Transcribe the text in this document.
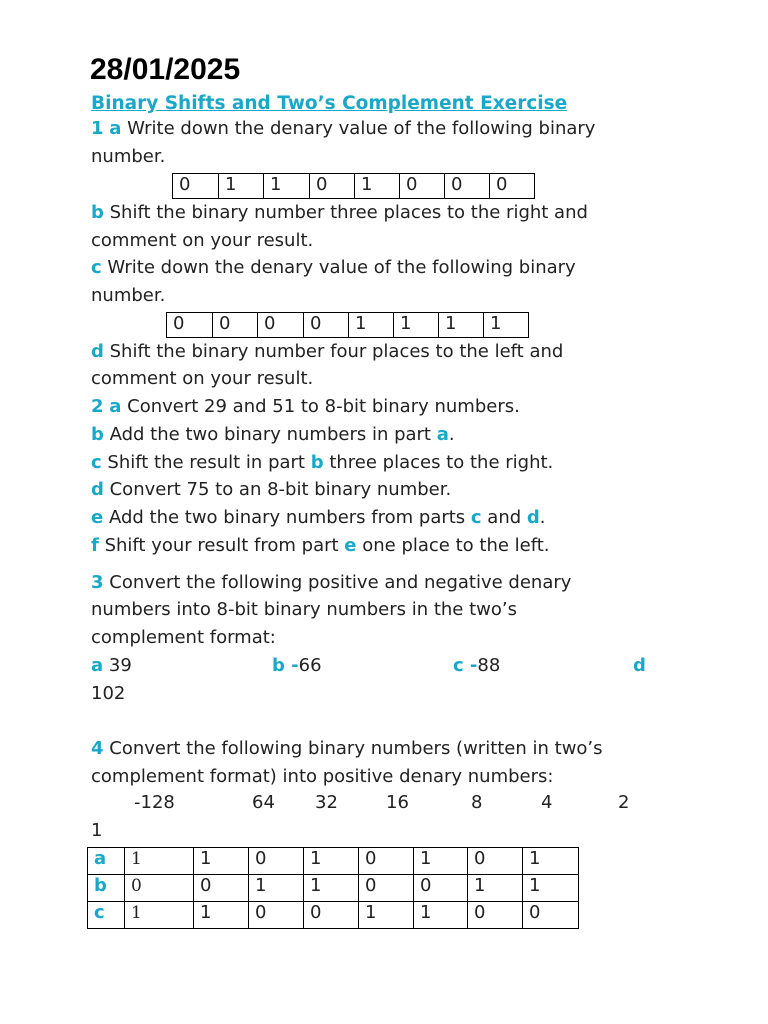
28/01/2025
Binary Shifts and Two’s Complement Exercise
1 a Write down the denary value of the following binary
number.
0	1	1	0	1	0	0	0
b Shift the binary number three places to the right and
comment on your result.
c Write down the denary value of the following binary
number.
0	0	0	0	1	1	1	1
d Shift the binary number four places to the left and
comment on your result.
2 a Convert 29 and 51 to 8-bit binary numbers.
b Add the two binary numbers in part a.
c Shift the result in part b three places to the right.
d Convert 75 to an 8-bit binary number.
e Add the two binary numbers from parts c and d.
f Shift your result from part e one place to the left.
3 Convert the following positive and negative denary
numbers into 8-bit binary numbers in the two’s
complement format:
a 39	b -66	c -88	d
102
4 Convert the following binary numbers (written in two’s
complement format) into positive denary numbers:
-128	64 32	16	8	4	2
1
a	1	1	0	1	0	1	0	1
b	0	0	1	1	0	0	1	1
c	1	1	0	0	1	1	0	0
